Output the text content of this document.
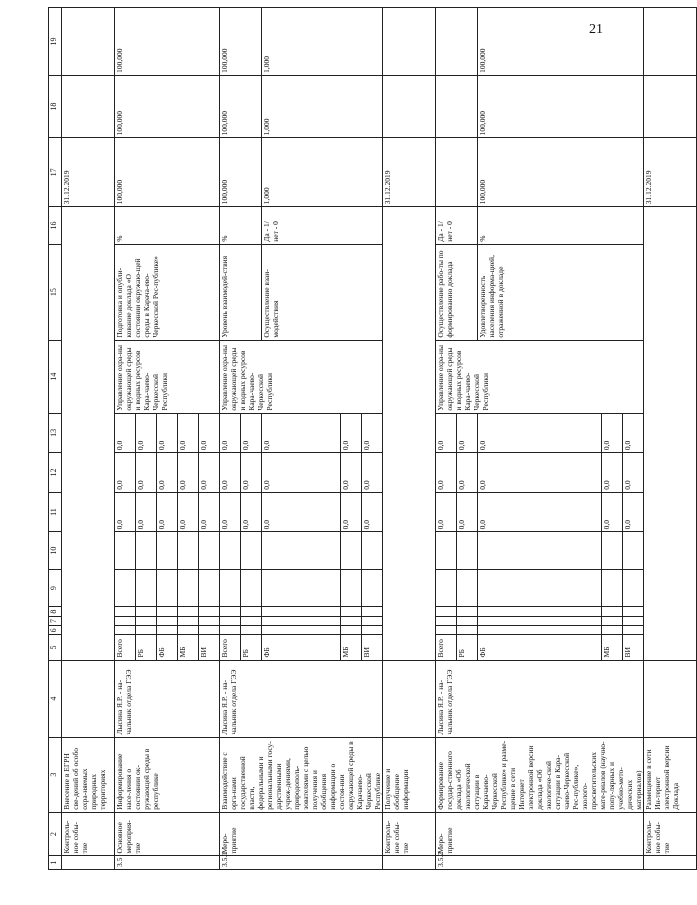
21
1	2	3	4	5	6	7	8	9	10	11	12	13	14	15	16	17	18	19
	Контроль-ное собы-тие	Внесение в ЕГРН све-дений об особо охра-няемых природных территориях														31.12.2019		
3.5	Основное мероприя-тие	Информирование насе-ления о состоянии ок-ружающей среды в республике	Лысина Я.Р. - на-чальник отдела ГЭЭ	Всего						0,0	0,0	0,0	Управление охра-ны окружающей среды и водных ресурсов Кара-чаево-Черкесской Республики	Подготовка и опубли-кование доклада «О состоянии окружаю-щей среды в Карача-ево-Черкесской Рес-публике»	%	100,000	100,000	100,000
				РБ						0,0	0,0	0,0						
				ФБ						0,0	0,0	0,0						
				МБ						0,0	0,0	0,0						
				ВИ						0,0	0,0	0,0						
3.5.1	Меро-приятие	Взаимодействие с орга-нами государственной власти, федеральными и региональными госу-дарственными учреж-дениями, природополь-зователями с целью получения и обобщения информации о состоя-нии окружающей среды в Карачаево-Черкесской Республике	Лысина Я.Р. - на-чальник отдела ГЭЭ	Всего						0,0	0,0	0,0	Управление охра-ны окружающей среды и водных ресурсов Кара-чаево-Черкесской Республики	Уровень взаимодей-ствия	%	100,000	100,000	100,000
				РБ						0,0	0,0	0,0						
				ФБ						0,0	0,0	0,0		Осуществление взаи-модействия	Да - 1/ нет - 0	1,000	1,000	1,000
				МБ						0,0	0,0	0,0						
				ВИ						0,0	0,0	0,0						
	Контроль-ное собы-тие	Получение и обобщение информации														31.12.2019		
3.5.2	Меро-приятие	Формирование государ-ственного доклада «Об экологической ситуации в Карачаево-Черкесской Республике» и разме-щение в сети Интернет электронной версии доклада «Об экологиче-ской ситуации в Кара-чаево-Черкесской Рес-публике», эколого-просветительских мате-риалов (научно-попу-лярных и учебно-мето-дических материалов)	Лысина Я.Р. - на-чальник отдела ГЭЭ	Всего						0,0	0,0	0,0	Управление охра-ны окружающей среды и водных ресурсов Кара-чаево-Черкесской Республики	Осуществление рабо-ты по формированию доклада	Да - 1/ нет - 0			
				РБ						0,0	0,0	0,0						
				ФБ						0,0	0,0	0,0		Удовлетворенность населения информа-цией, отраженной в докладе	%	100,000	100,000	100,000
				МБ						0,0	0,0	0,0						
				ВИ						0,0	0,0	0,0						
	Контроль-ное собы-тие	Размещение в сети Ин-тернет электронной версии Доклада														31.12.2019		
